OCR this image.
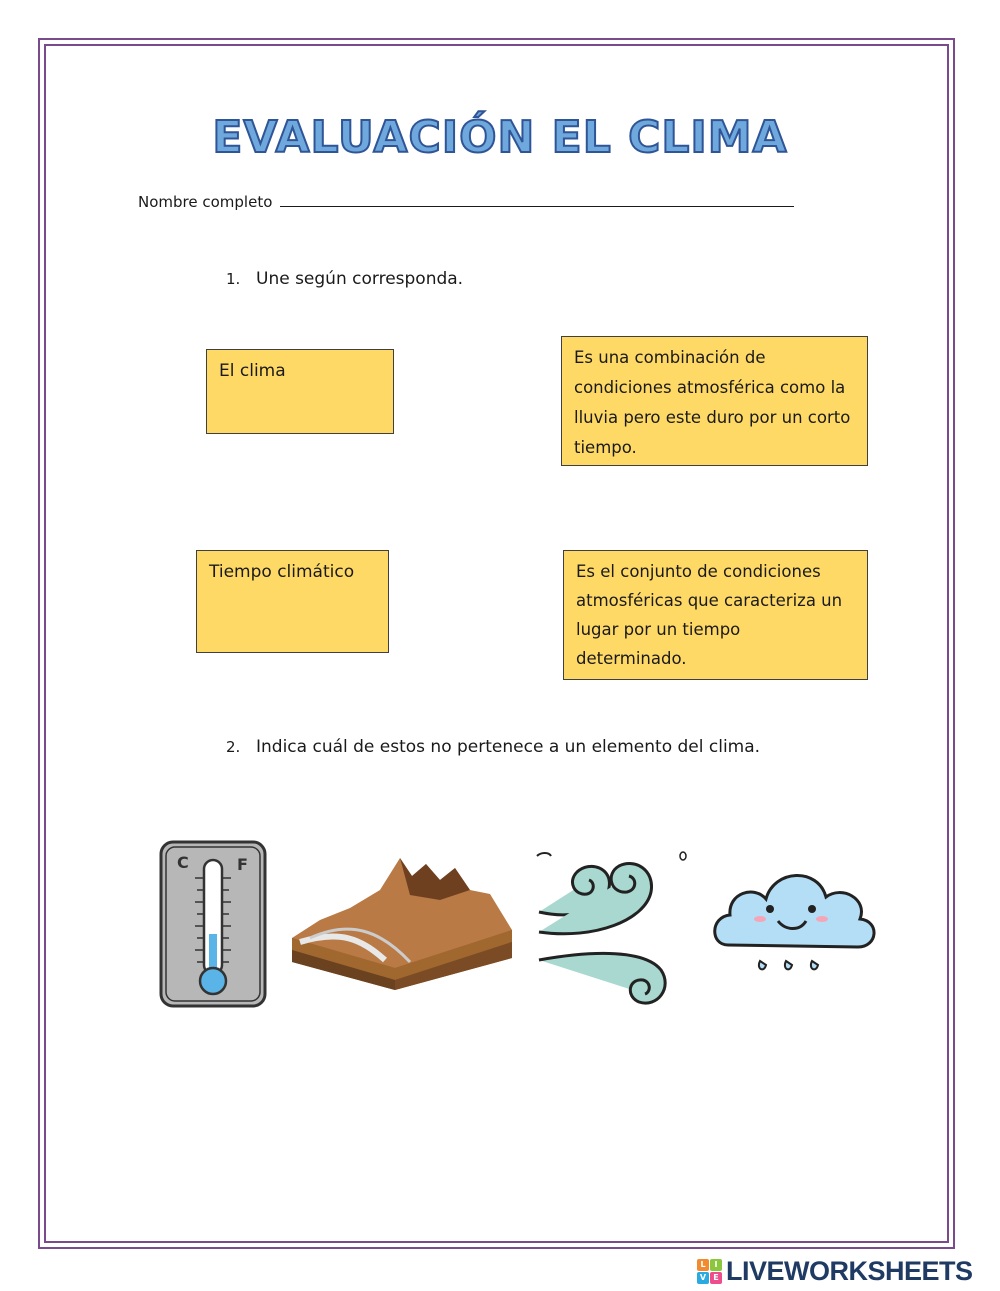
EVALUACIÓN EL CLIMA
Nombre completo
1. Une según corresponda.
El clima
Es una combinación de condiciones atmosférica como la lluvia pero este duro por un corto tiempo.
Tiempo climático	Es el conjunto de condiciones atmosféricas que caracteriza un lugar por un tiempo determinado.
2. Indica cuál de estos no pertenece a un elemento del clima.
C	F
L	I
V E LIVEWORKSHEETS
